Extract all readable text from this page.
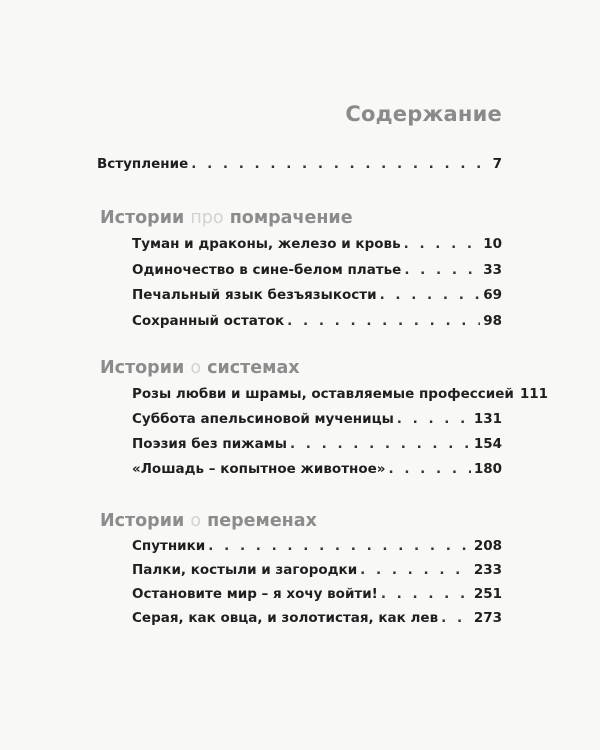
Содержание
Вступление . . .	7
Истории про помрачение
Туман и драконы, железо и кровь . . .	10
Одиночество в сине-белом платье . . .	33
Печальный язык безъязыкости . . .	69
Сохранный остаток . . .	98
Истории о системах
Розы любви и шрамы, оставляемые профессией 111
Суббота апельсиновой мученицы . . .	131
Поэзия без пижамы . . .	154
«Лошадь – копытное животное» . . .	180
Истории о переменах
Спутники . . .	208
Палки, костыли и загородки . . .	233
Остановите мир – я хочу войти! . . .	251
Серая, как овца, и золотистая, как лев . . .	273
